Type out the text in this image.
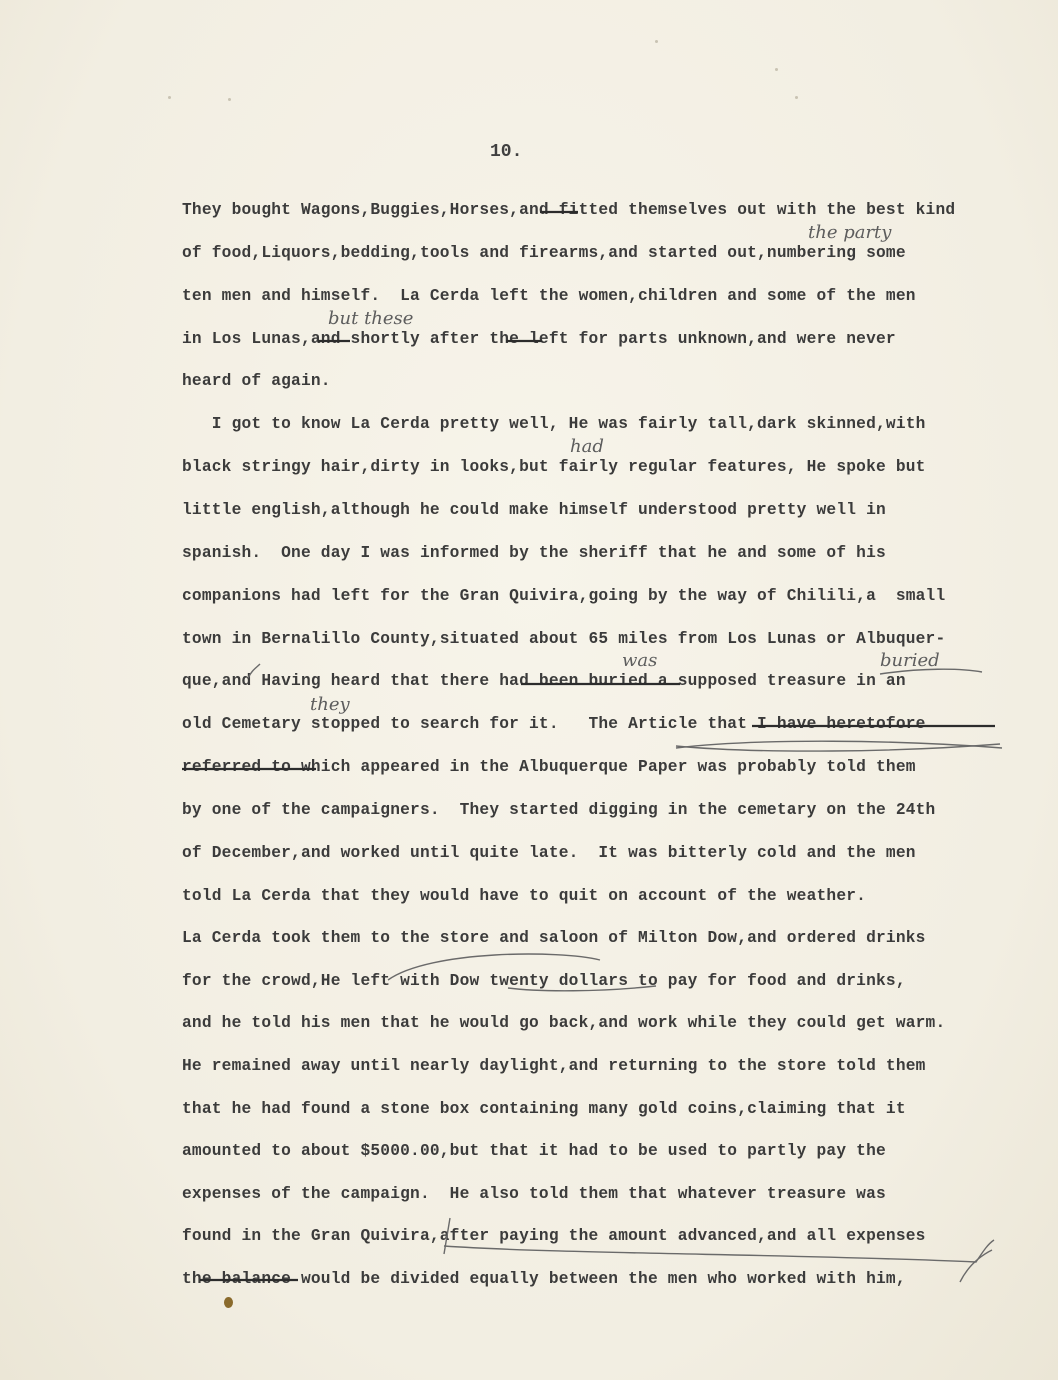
10.
They bought Wagons,Buggies,Horses,and fitted themselves out with the best kind
of food,Liquors,bedding,tools and firearms,and started out,numbering some
ten men and himself.  La Cerda left the women,children and some of the men
in Los Lunas,and shortly after the left for parts unknown,and were never
heard of again.
I got to know La Cerda pretty well, He was fairly tall,dark skinned,with
black stringy hair,dirty in looks,but fairly regular features, He spoke but
little english,although he could make himself understood pretty well in
spanish.  One day I was informed by the sheriff that he and some of his
companions had left for the Gran Quivira,going by the way of Chilili,a  small
town in Bernalillo County,situated about 65 miles from Los Lunas or Albuquer-
que,and Having heard that there had been buried a supposed treasure in an
old Cemetary stopped to search for it.   The Article that I have heretofore
referred to which appeared in the Albuquerque Paper was probably told them
by one of the campaigners.  They started digging in the cemetary on the 24th
of December,and worked until quite late.  It was bitterly cold and the men
told La Cerda that they would have to quit on account of the weather.
La Cerda took them to the store and saloon of Milton Dow,and ordered drinks
for the crowd,He left with Dow twenty dollars to pay for food and drinks,
and he told his men that he would go back,and work while they could get warm.
He remained away until nearly daylight,and returning to the store told them
that he had found a stone box containing many gold coins,claiming that it
amounted to about $5000.00,but that it had to be used to partly pay the
expenses of the campaign.  He also told them that whatever treasure was
found in the Gran Quivira,after paying the amount advanced,and all expenses
the balance would be divided equally between the men who worked with him,
the party
but these
had
was	buried
they
